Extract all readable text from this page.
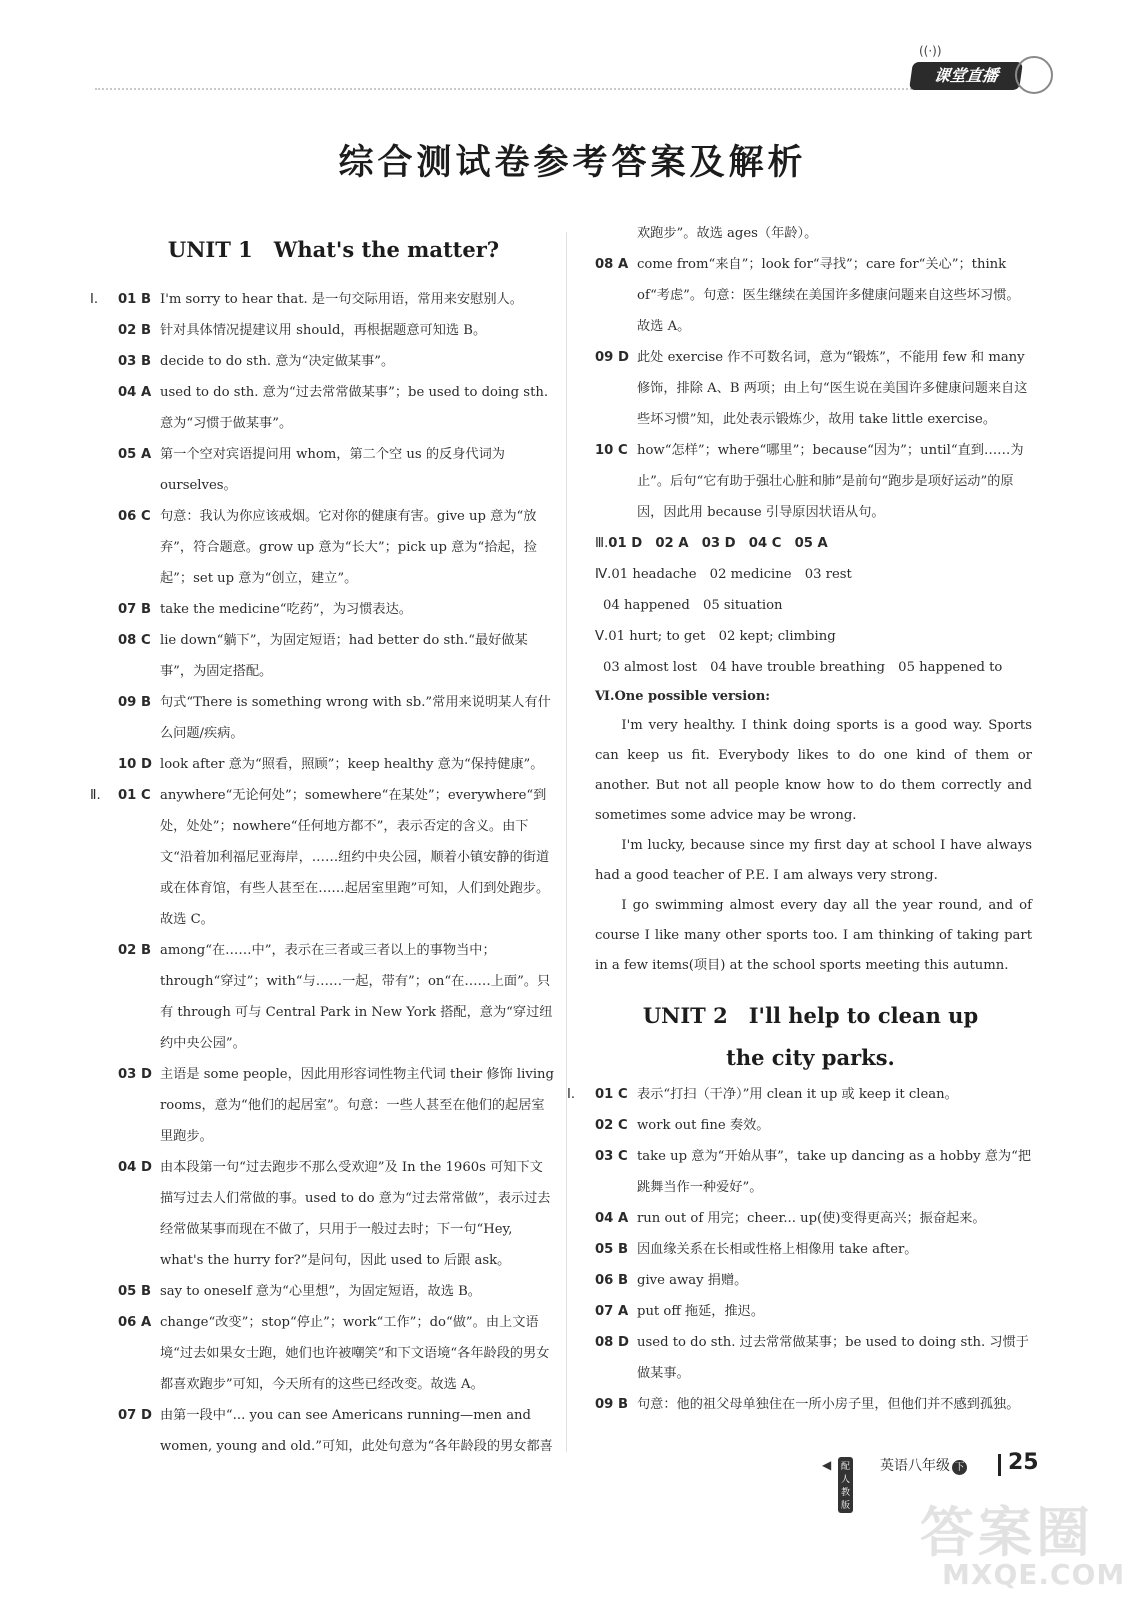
((·))
课堂直播
综合测试卷参考答案及解析
UNIT 1　What's the matter?
Ⅰ. 01 B I'm sorry to hear that. 是一句交际用语，常用来安慰别人。
02 B 针对具体情况提建议用 should，再根据题意可知选 B。
03 B decide to do sth. 意为“决定做某事”。
04 A used to do sth. 意为“过去常常做某事”；be used to doing sth. 意为“习惯于做某事”。
05 A 第一个空对宾语提问用 whom，第二个空 us 的反身代词为 ourselves。
06 C 句意：我认为你应该戒烟。它对你的健康有害。give up 意为“放弃”，符合题意。grow up 意为“长大”；pick up 意为“拾起，捡起”；set up 意为“创立，建立”。
07 B take the medicine“吃药”，为习惯表达。
08 C lie down“躺下”，为固定短语；had better do sth.“最好做某事”，为固定搭配。
09 B 句式“There is something wrong with sb.”常用来说明某人有什么问题/疾病。
10 D look after 意为“照看，照顾”；keep healthy 意为“保持健康”。
Ⅱ. 01 C anywhere“无论何处”；somewhere“在某处”；everywhere“到处，处处”；nowhere“任何地方都不”，表示否定的含义。由下文“沿着加利福尼亚海岸，……纽约中央公园，顺着小镇安静的街道或在体育馆，有些人甚至在……起居室里跑”可知，人们到处跑步。故选 C。
02 B among“在……中”，表示在三者或三者以上的事物当中；through“穿过”；with“与……一起，带有”；on“在……上面”。只有 through 可与 Central Park in New York 搭配，意为“穿过纽约中央公园”。
03 D 主语是 some people，因此用形容词性物主代词 their 修饰 living rooms，意为“他们的起居室”。句意：一些人甚至在他们的起居室里跑步。
04 D 由本段第一句“过去跑步不那么受欢迎”及 In the 1960s 可知下文描写过去人们常做的事。used to do 意为“过去常常做”，表示过去经常做某事而现在不做了，只用于一般过去时；下一句“Hey, what's the hurry for?”是问句，因此 used to 后跟 ask。
05 B say to oneself 意为“心里想”，为固定短语，故选 B。
06 A change“改变”；stop“停止”；work“工作”；do“做”。由上文语境“过去如果女士跑，她们也许被嘲笑”和下文语境“各年龄段的男女都喜欢跑步”可知，今天所有的这些已经改变。故选 A。
07 D 由第一段中“... you can see Americans running—men and women, young and old.”可知，此处句意为“各年龄段的男女都喜
欢跑步”。故选 ages（年龄）。
08 A come from“来自”；look for“寻找”；care for“关心”；think of“考虑”。句意：医生继续在美国许多健康问题来自这些坏习惯。故选 A。
09 D 此处 exercise 作不可数名词，意为“锻炼”，不能用 few 和 many 修饰，排除 A、B 两项；由上句“医生说在美国许多健康问题来自这些坏习惯”知，此处表示锻炼少，故用 take little exercise。
10 C how“怎样”；where“哪里”；because“因为”；until“直到……为止”。后句“它有助于强壮心脏和肺”是前句“跑步是项好运动”的原因，因此用 because 引导原因状语从句。
Ⅲ.01 D　02 A　03 D　04 C　05 A
Ⅳ.01 headache　02 medicine　03 rest
04 happened　05 situation
Ⅴ.01 hurt; to get　02 kept; climbing
03 almost lost　04 have trouble breathing　05 happened to
Ⅵ.One possible version:

I'm very healthy. I think doing sports is a good way. Sports can keep us fit. Everybody likes to do one kind of them or another. But not all people know how to do them correctly and sometimes some advice may be wrong.

I'm lucky, because since my first day at school I have always had a good teacher of P.E. I am always very strong.

I go swimming almost every day all the year round, and of course I like many other sports too. I am thinking of taking part in a few items(项目) at the school sports meeting this autumn.

UNIT 2　I'll help to clean up
the city parks.
Ⅰ. 01 C 表示“打扫（干净）”用 clean it up 或 keep it clean。
02 C work out fine 奏效。
03 C take up 意为“开始从事”，take up dancing as a hobby 意为“把跳舞当作一种爱好”。
04 A run out of 用完；cheer... up(使)变得更高兴；振奋起来。
05 B 因血缘关系在长相或性格上相像用 take after。
06 B give away 捐赠。
07 A put off 拖延，推迟。
08 D used to do sth. 过去常常做某事；be used to doing sth. 习惯于做某事。
09 B 句意：他的祖父母单独住在一所小房子里，但他们并不感到孤独。
◀	配人教版
英语八年级 下 25
答案圈
MXQE.COM
